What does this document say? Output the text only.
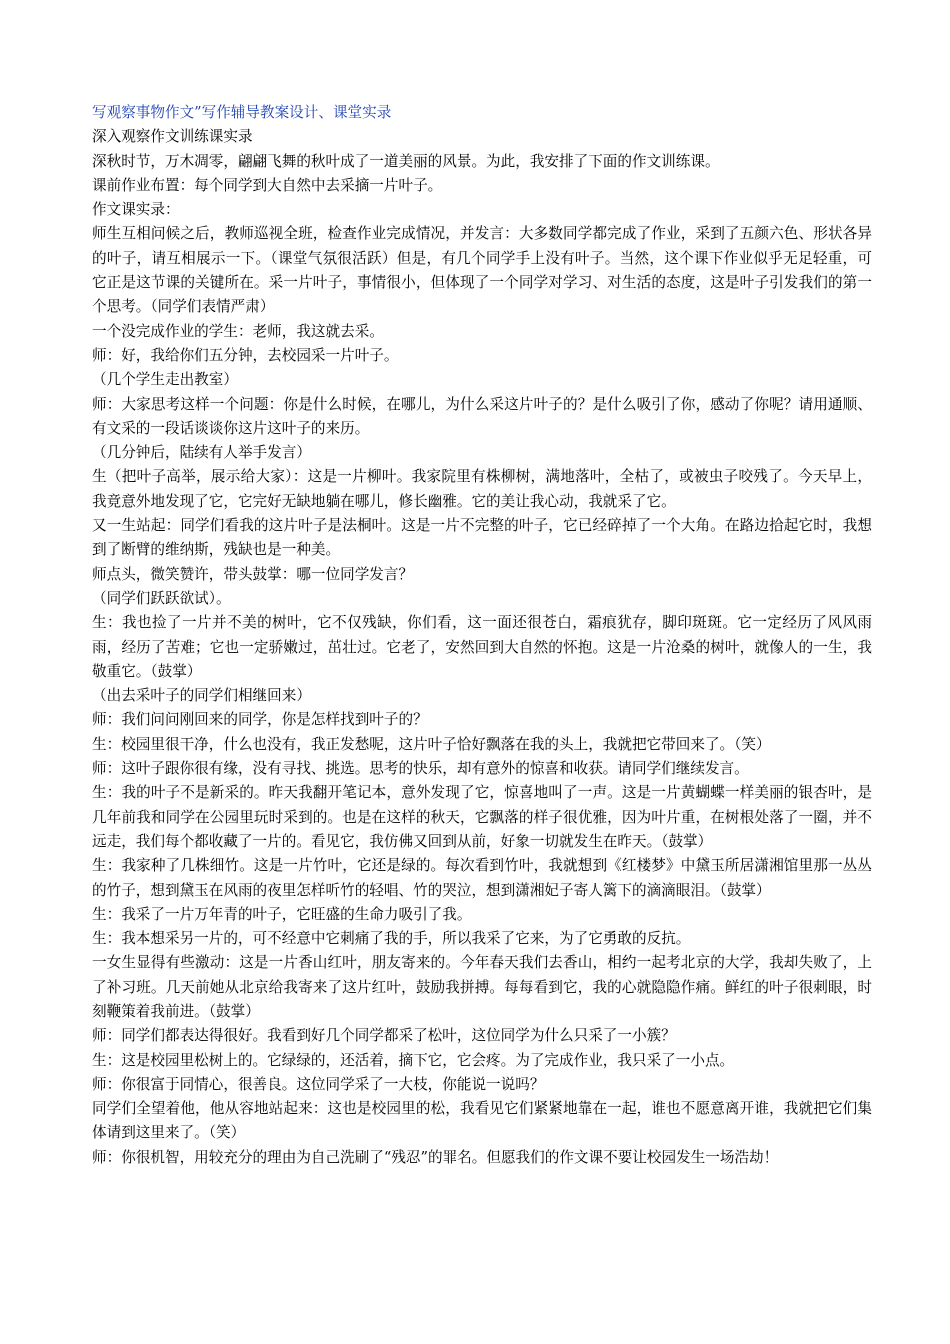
写观察事物作文”写作辅导教案设计、课堂实录

深入观察作文训练课实录

深秋时节，万木凋零，翩翩飞舞的秋叶成了一道美丽的风景。为此，我安排了下面的作文训练课。

课前作业布置：每个同学到大自然中去采摘一片叶子。

作文课实录：

师生互相问候之后，教师巡视全班，检查作业完成情况，并发言：大多数同学都完成了作业，采到了五颜六色、形状各异的叶子，请互相展示一下。（课堂气氛很活跃）但是，有几个同学手上没有叶子。当然，这个课下作业似乎无足轻重，可它正是这节课的关键所在。采一片叶子，事情很小，但体现了一个同学对学习、对生活的态度，这是叶子引发我们的第一个思考。（同学们表情严肃）

一个没完成作业的学生：老师，我这就去采。

师：好，我给你们五分钟，去校园采一片叶子。

（几个学生走出教室）

师：大家思考这样一个问题：你是什么时候，在哪儿，为什么采这片叶子的？是什么吸引了你，感动了你呢？请用通顺、有文采的一段话谈谈你这片这叶子的来历。

（几分钟后，陆续有人举手发言）

生（把叶子高举，展示给大家）：这是一片柳叶。我家院里有株柳树，满地落叶，全枯了，或被虫子咬残了。今天早上，我竟意外地发现了它，它完好无缺地躺在哪儿，修长幽雅。它的美让我心动，我就采了它。

又一生站起：同学们看我的这片叶子是法桐叶。这是一片不完整的叶子，它已经碎掉了一个大角。在路边拾起它时，我想到了断臂的维纳斯，残缺也是一种美。

师点头，微笑赞许，带头鼓掌：哪一位同学发言？

（同学们跃跃欲试）。

生：我也捡了一片并不美的树叶，它不仅残缺，你们看，这一面还很苍白，霜痕犹存，脚印斑斑。它一定经历了风风雨雨，经历了苦难；它也一定骄嫩过，茁壮过。它老了，安然回到大自然的怀抱。这是一片沧桑的树叶，就像人的一生，我敬重它。（鼓掌）

（出去采叶子的同学们相继回来）

师：我们问问刚回来的同学，你是怎样找到叶子的？

生：校园里很干净，什么也没有，我正发愁呢，这片叶子恰好飘落在我的头上，我就把它带回来了。（笑）

师：这叶子跟你很有缘，没有寻找、挑选。思考的快乐，却有意外的惊喜和收获。请同学们继续发言。

生：我的叶子不是新采的。昨天我翻开笔记本，意外发现了它，惊喜地叫了一声。这是一片黄蝴蝶一样美丽的银杏叶，是几年前我和同学在公园里玩时采到的。也是在这样的秋天，它飘落的样子很优雅，因为叶片重，在树根处落了一圈，并不远走，我们每个都收藏了一片的。看见它，我仿佛又回到从前，好象一切就发生在昨天。（鼓掌）

生：我家种了几株细竹。这是一片竹叶，它还是绿的。每次看到竹叶，我就想到《红楼梦》中黛玉所居潇湘馆里那一丛丛的竹子，想到黛玉在风雨的夜里怎样听竹的轻唱、竹的哭泣，想到潇湘妃子寄人篱下的滴滴眼泪。（鼓掌）

生：我采了一片万年青的叶子，它旺盛的生命力吸引了我。

生：我本想采另一片的，可不经意中它刺痛了我的手，所以我采了它来，为了它勇敢的反抗。

一女生显得有些激动：这是一片香山红叶，朋友寄来的。今年春天我们去香山，相约一起考北京的大学，我却失败了，上了补习班。几天前她从北京给我寄来了这片红叶，鼓励我拼搏。每每看到它，我的心就隐隐作痛。鲜红的叶子很刺眼，时刻鞭策着我前进。（鼓掌）

师：同学们都表达得很好。我看到好几个同学都采了松叶，这位同学为什么只采了一小簇？

生：这是校园里松树上的。它绿绿的，还活着，摘下它，它会疼。为了完成作业，我只采了一小点。

师：你很富于同情心，很善良。这位同学采了一大枝，你能说一说吗？

同学们全望着他，他从容地站起来：这也是校园里的松，我看见它们紧紧地靠在一起，谁也不愿意离开谁，我就把它们集体请到这里来了。（笑）

师：你很机智，用较充分的理由为自己洗刷了“残忍”的罪名。但愿我们的作文课不要让校园发生一场浩劫！
